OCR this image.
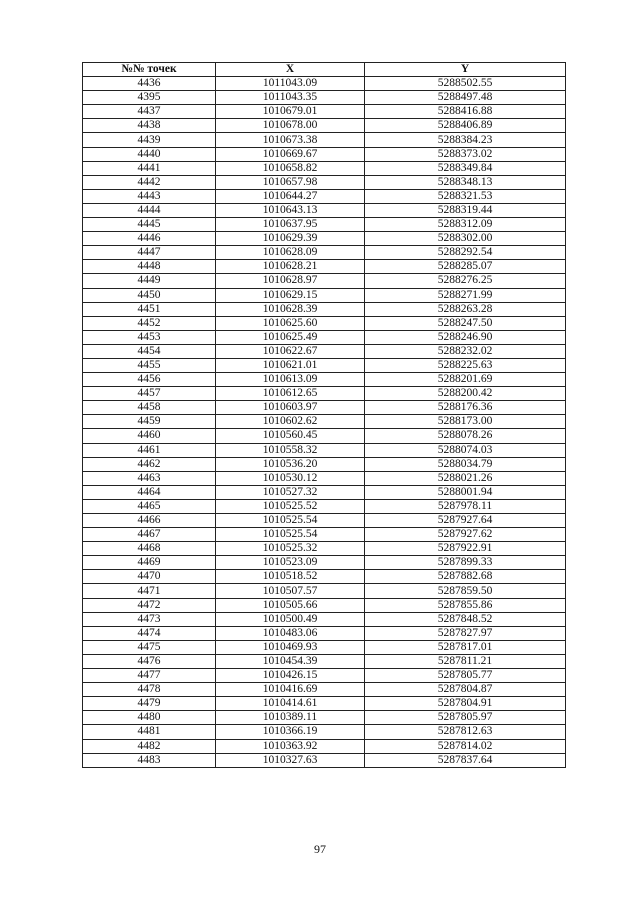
№№ точек	X	Y
4436	1011043.09	5288502.55
4395	1011043.35	5288497.48
4437	1010679.01	5288416.88
4438	1010678.00	5288406.89
4439	1010673.38	5288384.23
4440	1010669.67	5288373.02
4441	1010658.82	5288349.84
4442	1010657.98	5288348.13
4443	1010644.27	5288321.53
4444	1010643.13	5288319.44
4445	1010637.95	5288312.09
4446	1010629.39	5288302.00
4447	1010628.09	5288292.54
4448	1010628.21	5288285.07
4449	1010628.97	5288276.25
4450	1010629.15	5288271.99
4451	1010628.39	5288263.28
4452	1010625.60	5288247.50
4453	1010625.49	5288246.90
4454	1010622.67	5288232.02
4455	1010621.01	5288225.63
4456	1010613.09	5288201.69
4457	1010612.65	5288200.42
4458	1010603.97	5288176.36
4459	1010602.62	5288173.00
4460	1010560.45	5288078.26
4461	1010558.32	5288074.03
4462	1010536.20	5288034.79
4463	1010530.12	5288021.26
4464	1010527.32	5288001.94
4465	1010525.52	5287978.11
4466	1010525.54	5287927.64
4467	1010525.54	5287927.62
4468	1010525.32	5287922.91
4469	1010523.09	5287899.33
4470	1010518.52	5287882.68
4471	1010507.57	5287859.50
4472	1010505.66	5287855.86
4473	1010500.49	5287848.52
4474	1010483.06	5287827.97
4475	1010469.93	5287817.01
4476	1010454.39	5287811.21
4477	1010426.15	5287805.77
4478	1010416.69	5287804.87
4479	1010414.61	5287804.91
4480	1010389.11	5287805.97
4481	1010366.19	5287812.63
4482	1010363.92	5287814.02
4483	1010327.63	5287837.64
97
